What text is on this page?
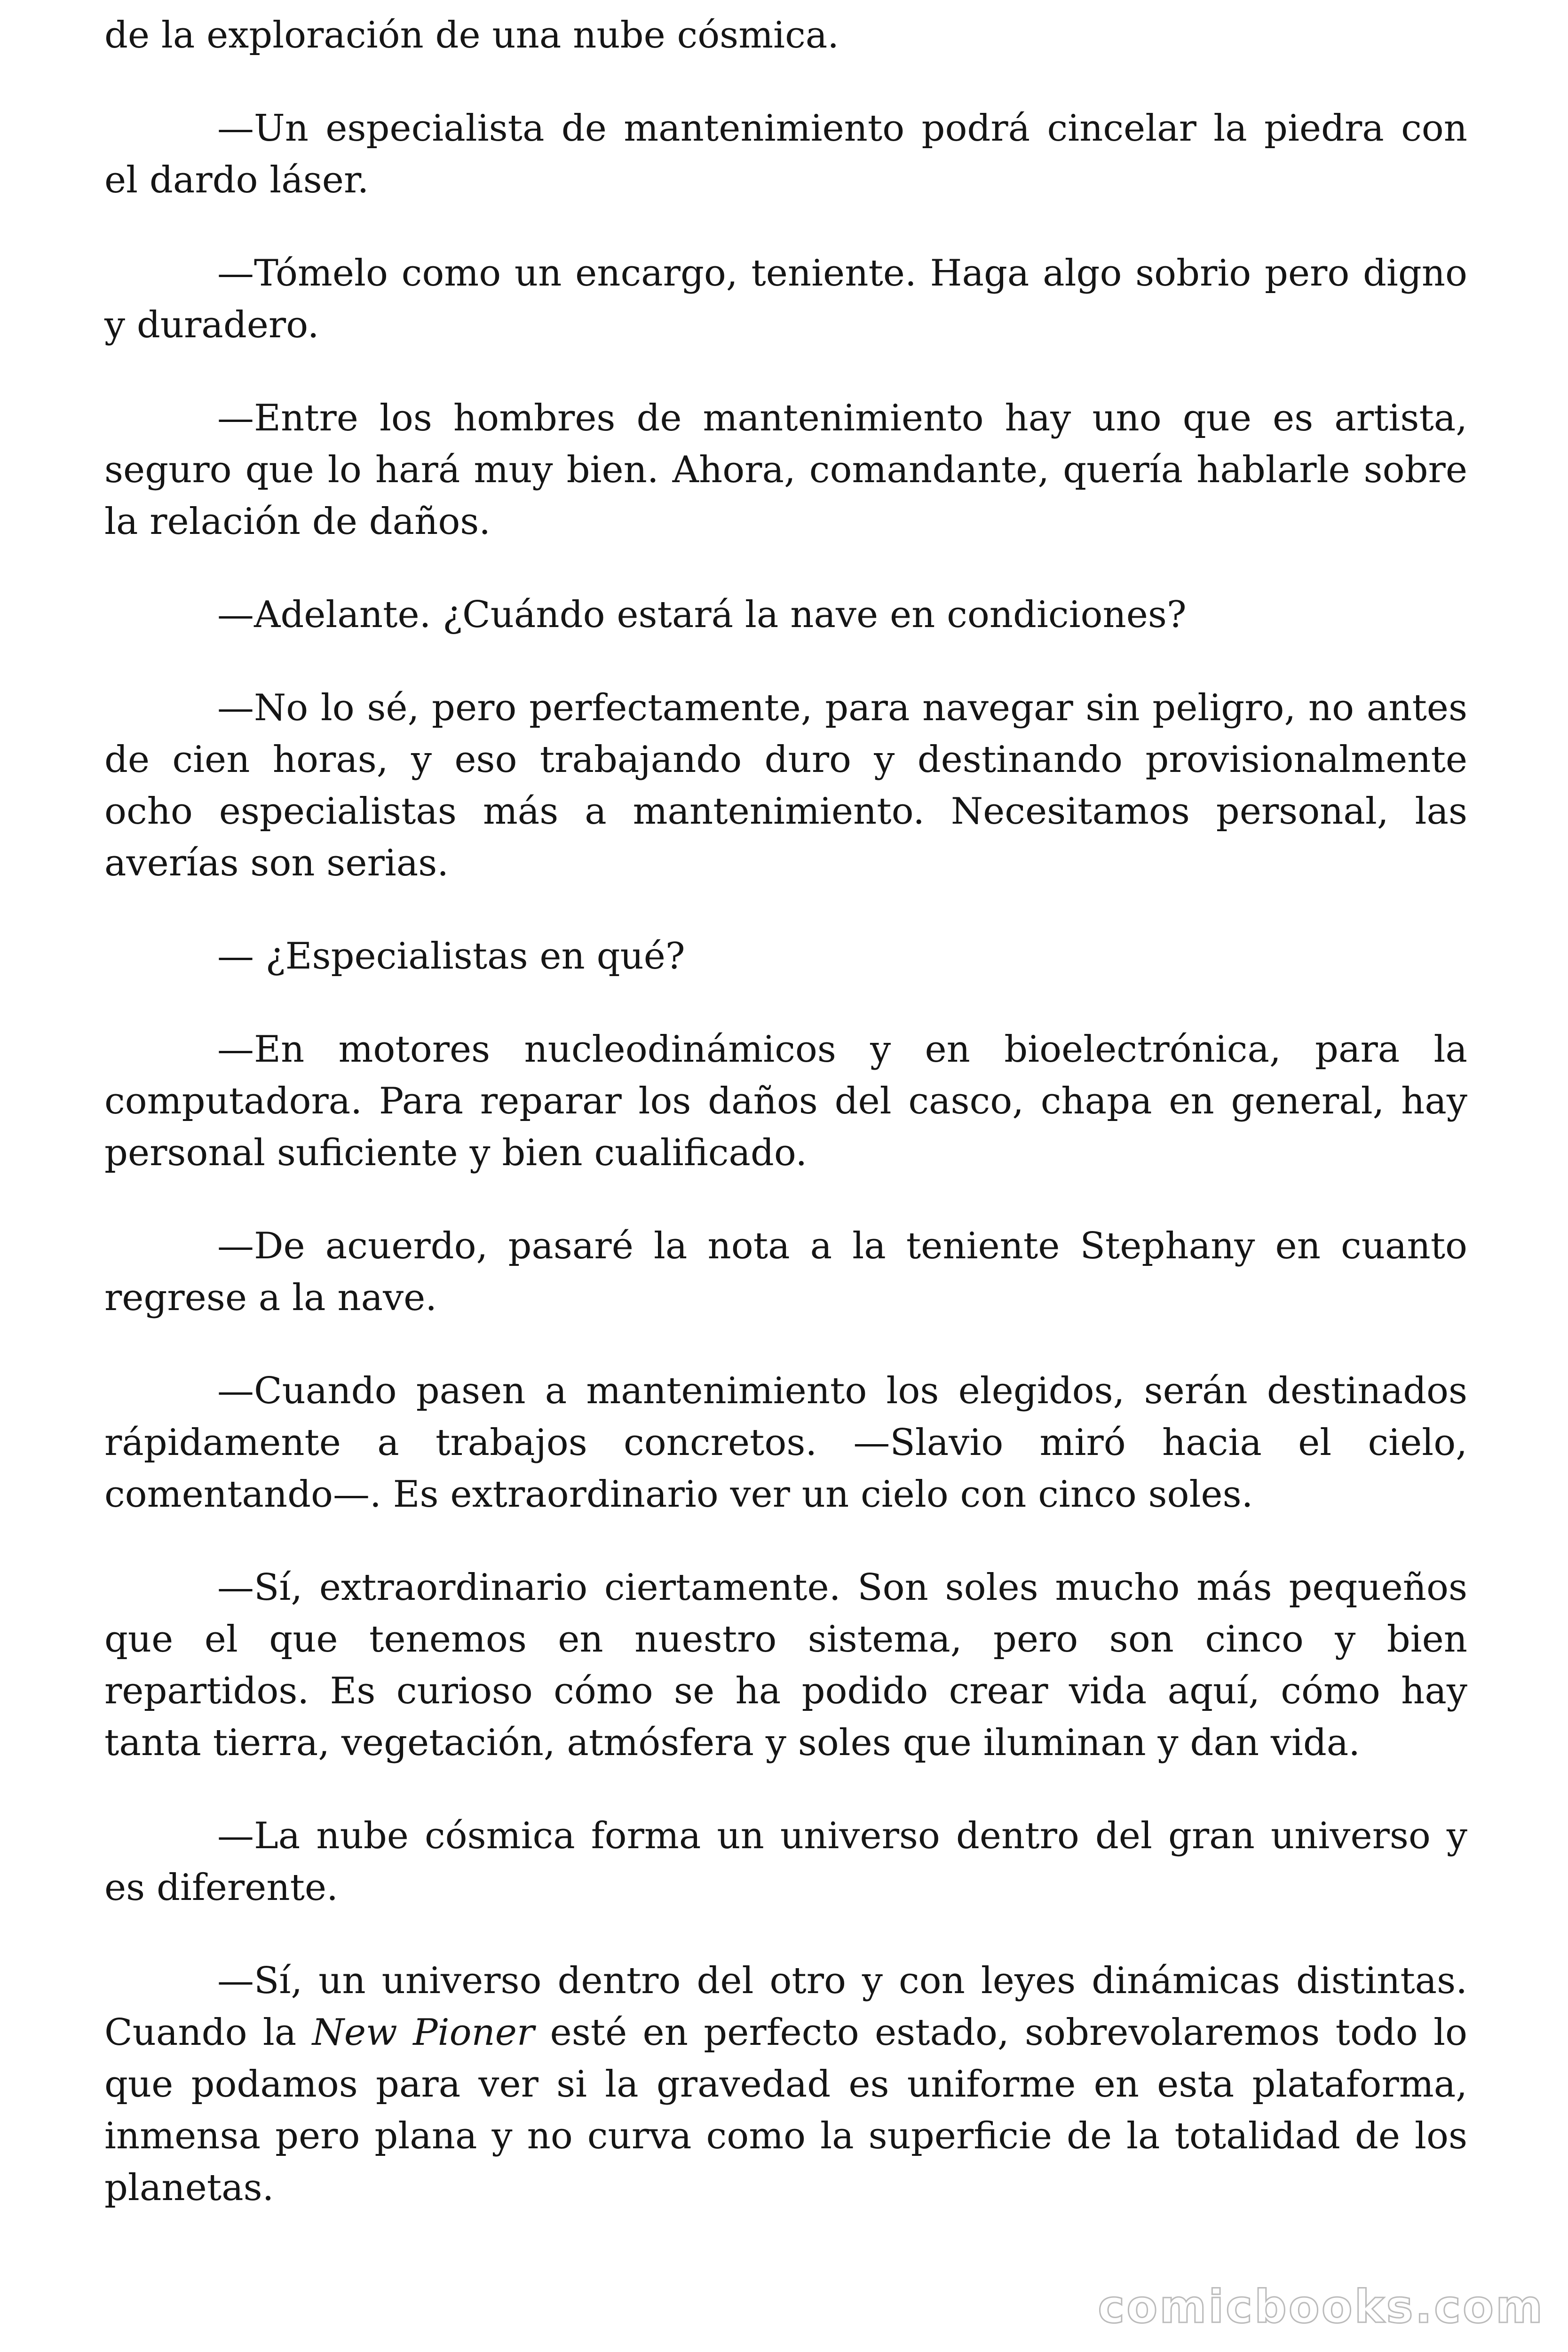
de la exploración de una nube cósmica.

—Un especialista de mantenimiento podrá cincelar la piedra con el dardo láser.

—Tómelo como un encargo, teniente. Haga algo sobrio pero digno y duradero.

—Entre los hombres de mantenimiento hay uno que es artista, seguro que lo hará muy bien. Ahora, comandante, quería hablarle sobre la relación de daños.

—Adelante. ¿Cuándo estará la nave en condiciones?

—No lo sé, pero perfectamente, para navegar sin peligro, no antes de cien horas, y eso trabajando duro y destinando provisionalmente ocho especialistas más a mantenimiento. Necesitamos personal, las averías son serias.

— ¿Especialistas en qué?

—En motores nucleodinámicos y en bioelectrónica, para la computadora. Para reparar los daños del casco, chapa en general, hay personal suficiente y bien cualificado.

—De acuerdo, pasaré la nota a la teniente Stephany en cuanto regrese a la nave.

—Cuando pasen a mantenimiento los elegidos, serán destinados rápidamente a trabajos concretos. —Slavio miró hacia el cielo, comentando—. Es extraordinario ver un cielo con cinco soles.

—Sí, extraordinario ciertamente. Son soles mucho más pequeños que el que tenemos en nuestro sistema, pero son cinco y bien repartidos. Es curioso cómo se ha podido crear vida aquí, cómo hay tanta tierra, vegetación, atmósfera y soles que iluminan y dan vida.

—La nube cósmica forma un universo dentro del gran universo y es diferente.

—Sí, un universo dentro del otro y con leyes dinámicas distintas. Cuando la New Pioner esté en perfecto estado, sobrevolaremos todo lo que podamos para ver si la gravedad es uniforme en esta plataforma, inmensa pero plana y no curva como la superficie de la totalidad de los planetas.

comicbooks.com
